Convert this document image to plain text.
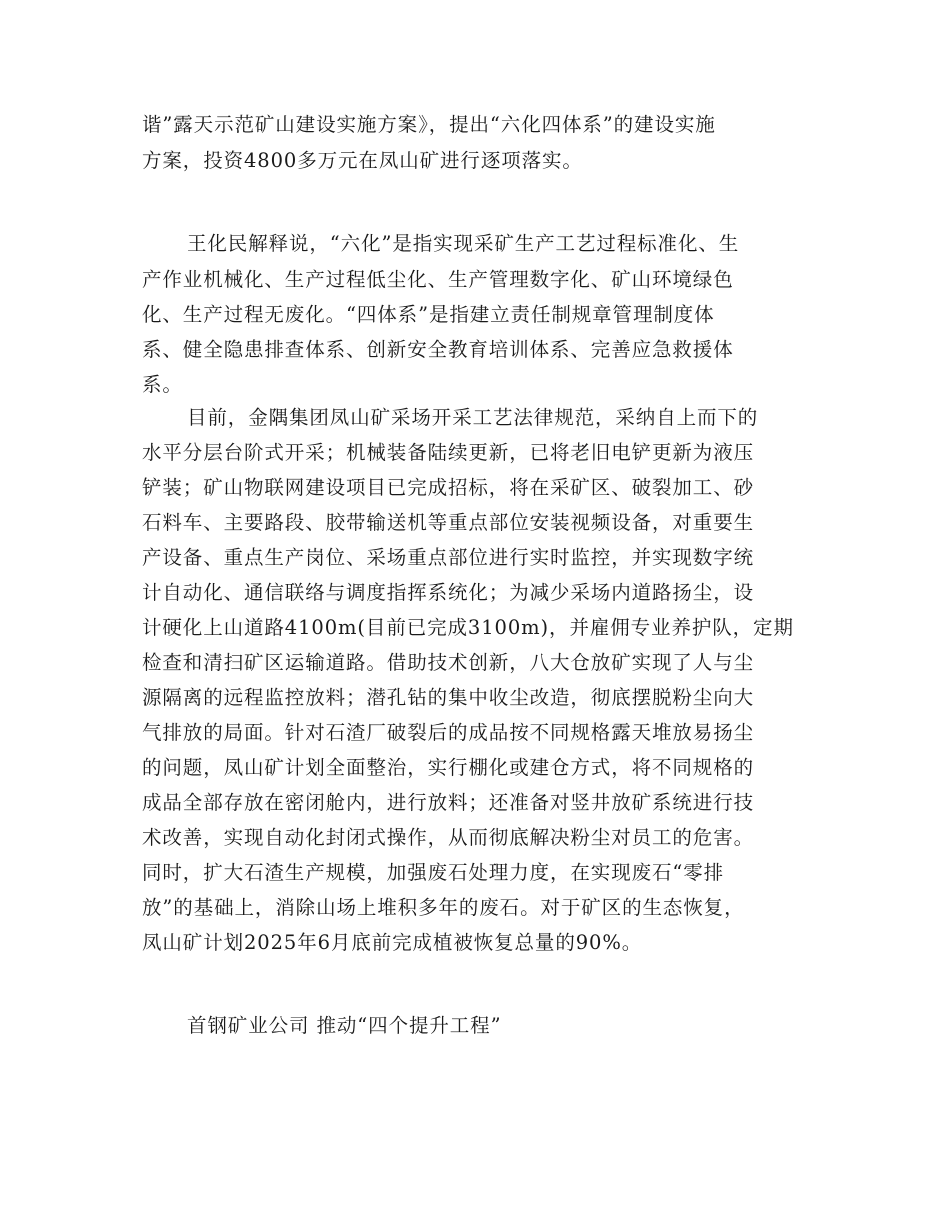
谐”露天示范矿山建设实施方案》，提出“六化四体系”的建设实施
方案，投资4800多万元在凤山矿进行逐项落实。
王化民解释说，“六化”是指实现采矿生产工艺过程标准化、生
产作业机械化、生产过程低尘化、生产管理数字化、矿山环境绿色
化、生产过程无废化。“四体系”是指建立责任制规章管理制度体
系、健全隐患排查体系、创新安全教育培训体系、完善应急救援体
系。
目前，金隅集团凤山矿采场开采工艺法律规范，采纳自上而下的
水平分层台阶式开采；机械装备陆续更新，已将老旧电铲更新为液压
铲装；矿山物联网建设项目已完成招标，将在采矿区、破裂加工、砂
石料车、主要路段、胶带输送机等重点部位安装视频设备，对重要生
产设备、重点生产岗位、采场重点部位进行实时监控，并实现数字统
计自动化、通信联络与调度指挥系统化；为减少采场内道路扬尘，设
计硬化上山道路4100m(目前已完成3100m)，并雇佣专业养护队，定期
检查和清扫矿区运输道路。借助技术创新，八大仓放矿实现了人与尘
源隔离的远程监控放料；潜孔钻的集中收尘改造，彻底摆脱粉尘向大
气排放的局面。针对石渣厂破裂后的成品按不同规格露天堆放易扬尘
的问题，凤山矿计划全面整治，实行棚化或建仓方式，将不同规格的
成品全部存放在密闭舱内，进行放料；还准备对竖井放矿系统进行技
术改善，实现自动化封闭式操作，从而彻底解决粉尘对员工的危害。
同时，扩大石渣生产规模，加强废石处理力度，在实现废石“零排
放”的基础上，消除山场上堆积多年的废石。对于矿区的生态恢复，
凤山矿计划2025年6月底前完成植被恢复总量的90%。
首钢矿业公司 推动“四个提升工程”
